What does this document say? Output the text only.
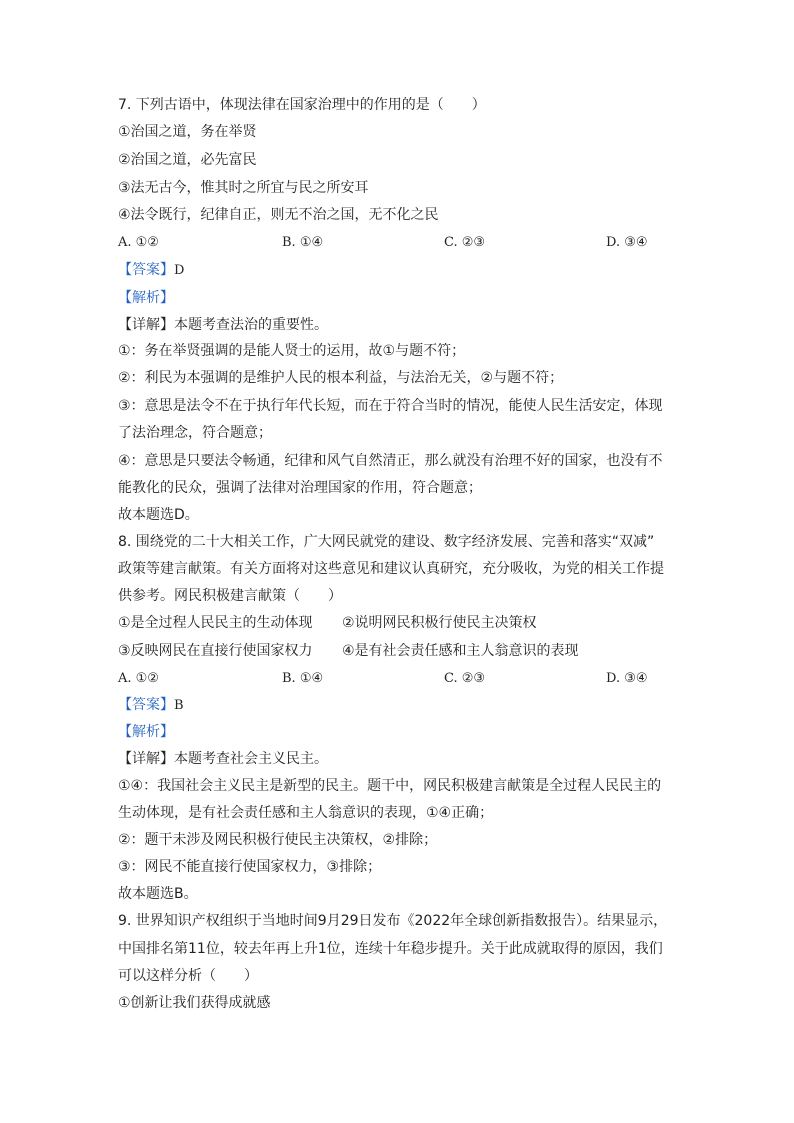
7. 下列古语中，体现法律在国家治理中的作用的是（　　）
①治国之道，务在举贤
②治国之道，必先富民
③法无古今，惟其时之所宜与民之所安耳
④法令既行，纪律自正，则无不治之国，无不化之民
A. ①②	B. ①④	C. ②③	D. ③④
【答案】D
【解析】
【详解】本题考查法治的重要性。
①：务在举贤强调的是能人贤士的运用，故①与题不符；
②：利民为本强调的是维护人民的根本利益，与法治无关，②与题不符；
③：意思是法令不在于执行年代长短，而在于符合当时的情况，能使人民生活安定，体现
了法治理念，符合题意；
④：意思是只要法令畅通，纪律和风气自然清正，那么就没有治理不好的国家，也没有不
能教化的民众，强调了法律对治理国家的作用，符合题意；
故本题选D。
8. 围绕党的二十大相关工作，广大网民就党的建设、数字经济发展、完善和落实“双减”
政策等建言献策。有关方面将对这些意见和建议认真研究，充分吸收，为党的相关工作提
供参考。网民积极建言献策（　　）
①是全过程人民民主的生动体现 ②说明网民积极行使民主决策权
③反映网民在直接行使国家权力 ④是有社会责任感和主人翁意识的表现
A. ①②	B. ①④	C. ②③	D. ③④
【答案】B
【解析】
【详解】本题考查社会主义民主。
①④：我国社会主义民主是新型的民主。题干中，网民积极建言献策是全过程人民民主的
生动体现，是有社会责任感和主人翁意识的表现，①④正确；
②：题干未涉及网民积极行使民主决策权，②排除；
③：网民不能直接行使国家权力，③排除；
故本题选B。
9. 世界知识产权组织于当地时间9月29日发布《2022年全球创新指数报告）。结果显示，
中国排名第11位，较去年再上升1位，连续十年稳步提升。关于此成就取得的原因，我们
可以这样分析（　　）
①创新让我们获得成就感
